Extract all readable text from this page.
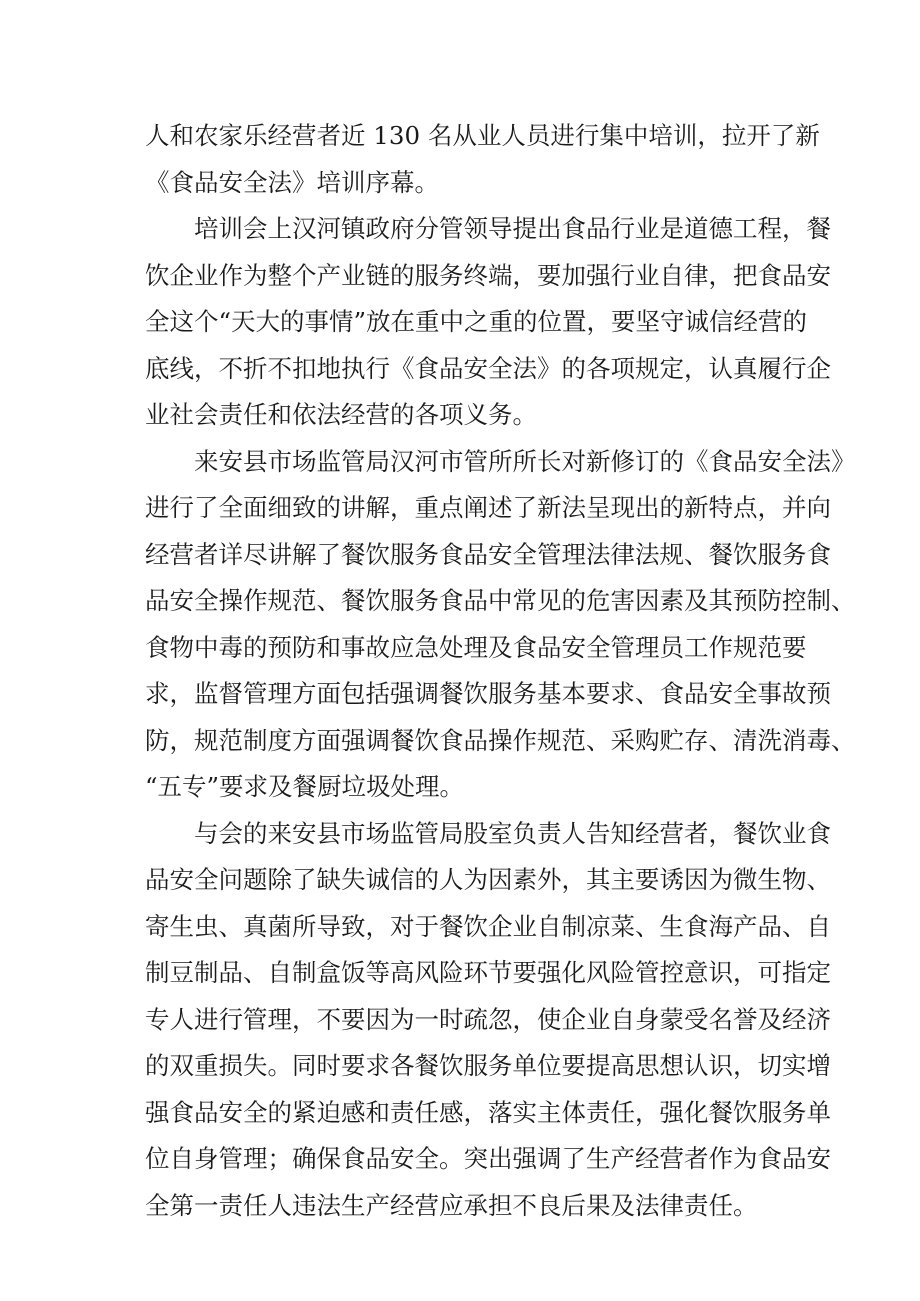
人和农家乐经营者近 130 名从业人员进行集中培训，拉开了新
《食品安全法》培训序幕。

培训会上汉河镇政府分管领导提出食品行业是道德工程，餐
饮企业作为整个产业链的服务终端，要加强行业自律，把食品安
全这个“天大的事情”放在重中之重的位置，要坚守诚信经营的
底线，不折不扣地执行《食品安全法》的各项规定，认真履行企
业社会责任和依法经营的各项义务。

来安县市场监管局汉河市管所所长对新修订的《食品安全法》
进行了全面细致的讲解，重点阐述了新法呈现出的新特点，并向
经营者详尽讲解了餐饮服务食品安全管理法律法规、餐饮服务食
品安全操作规范、餐饮服务食品中常见的危害因素及其预防控制、
食物中毒的预防和事故应急处理及食品安全管理员工作规范要
求，监督管理方面包括强调餐饮服务基本要求、食品安全事故预
防，规范制度方面强调餐饮食品操作规范、采购贮存、清洗消毒、
“五专”要求及餐厨垃圾处理。

与会的来安县市场监管局股室负责人告知经营者，餐饮业食
品安全问题除了缺失诚信的人为因素外，其主要诱因为微生物、
寄生虫、真菌所导致，对于餐饮企业自制凉菜、生食海产品、自
制豆制品、自制盒饭等高风险环节要强化风险管控意识，可指定
专人进行管理，不要因为一时疏忽，使企业自身蒙受名誉及经济
的双重损失。同时要求各餐饮服务单位要提高思想认识，切实增
强食品安全的紧迫感和责任感，落实主体责任，强化餐饮服务单
位自身管理；确保食品安全。突出强调了生产经营者作为食品安
全第一责任人违法生产经营应承担不良后果及法律责任。
